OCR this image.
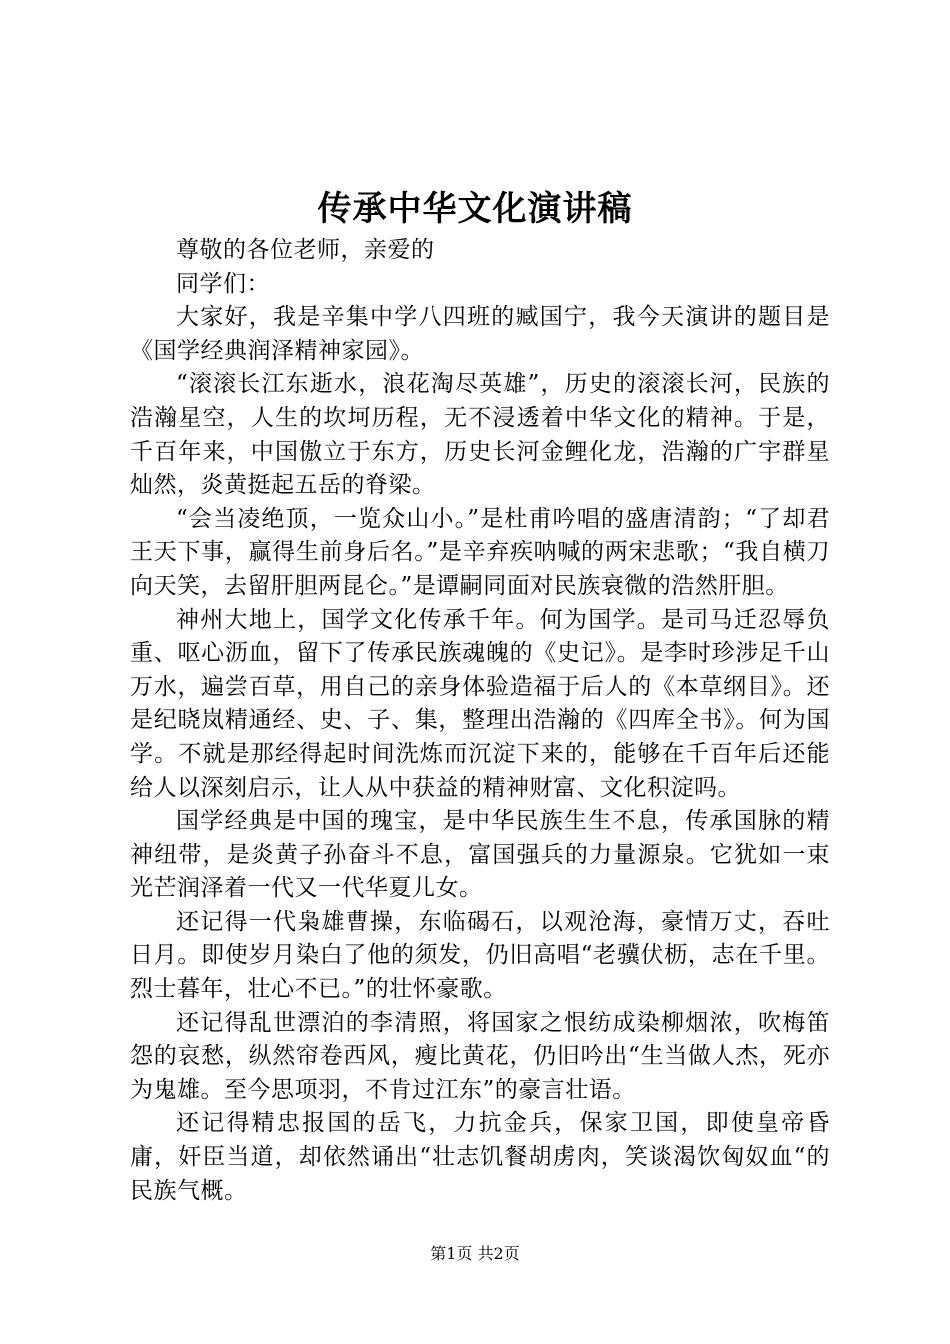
传承中华文化演讲稿

尊敬的各位老师，亲爱的

同学们：

大家好，我是辛集中学八四班的臧国宁，我今天演讲的题目是《国学经典润泽精神家园》。

“滚滚长江东逝水，浪花淘尽英雄”，历史的滚滚长河，民族的浩瀚星空，人生的坎坷历程，无不浸透着中华文化的精神。于是，千百年来，中国傲立于东方，历史长河金鲤化龙，浩瀚的广宇群星灿然，炎黄挺起五岳的脊梁。

“会当凌绝顶，一览众山小。”是杜甫吟唱的盛唐清韵；“了却君王天下事，赢得生前身后名。”是辛弃疾呐喊的两宋悲歌；“我自横刀向天笑，去留肝胆两昆仑。”是谭嗣同面对民族衰微的浩然肝胆。

神州大地上，国学文化传承千年。何为国学。是司马迁忍辱负重、呕心沥血，留下了传承民族魂魄的《史记》。是李时珍涉足千山万水，遍尝百草，用自己的亲身体验造福于后人的《本草纲目》。还是纪晓岚精通经、史、子、集，整理出浩瀚的《四库全书》。何为国学。不就是那经得起时间洗炼而沉淀下来的，能够在千百年后还能给人以深刻启示，让人从中获益的精神财富、文化积淀吗。

国学经典是中国的瑰宝，是中华民族生生不息，传承国脉的精神纽带，是炎黄子孙奋斗不息，富国强兵的力量源泉。它犹如一束光芒润泽着一代又一代华夏儿女。

还记得一代枭雄曹操，东临碣石，以观沧海，豪情万丈，吞吐日月。即使岁月染白了他的须发，仍旧高唱“老骥伏枥，志在千里。烈士暮年，壮心不已。”的壮怀豪歌。

还记得乱世漂泊的李清照，将国家之恨纺成染柳烟浓，吹梅笛怨的哀愁，纵然帘卷西风，瘦比黄花，仍旧吟出“生当做人杰，死亦为鬼雄。至今思项羽，不肯过江东”的豪言壮语。

还记得精忠报国的岳飞，力抗金兵，保家卫国，即使皇帝昏庸，奸臣当道，却依然诵出“壮志饥餐胡虏肉，笑谈渴饮匈奴血“的民族气概。

第1页 共2页
